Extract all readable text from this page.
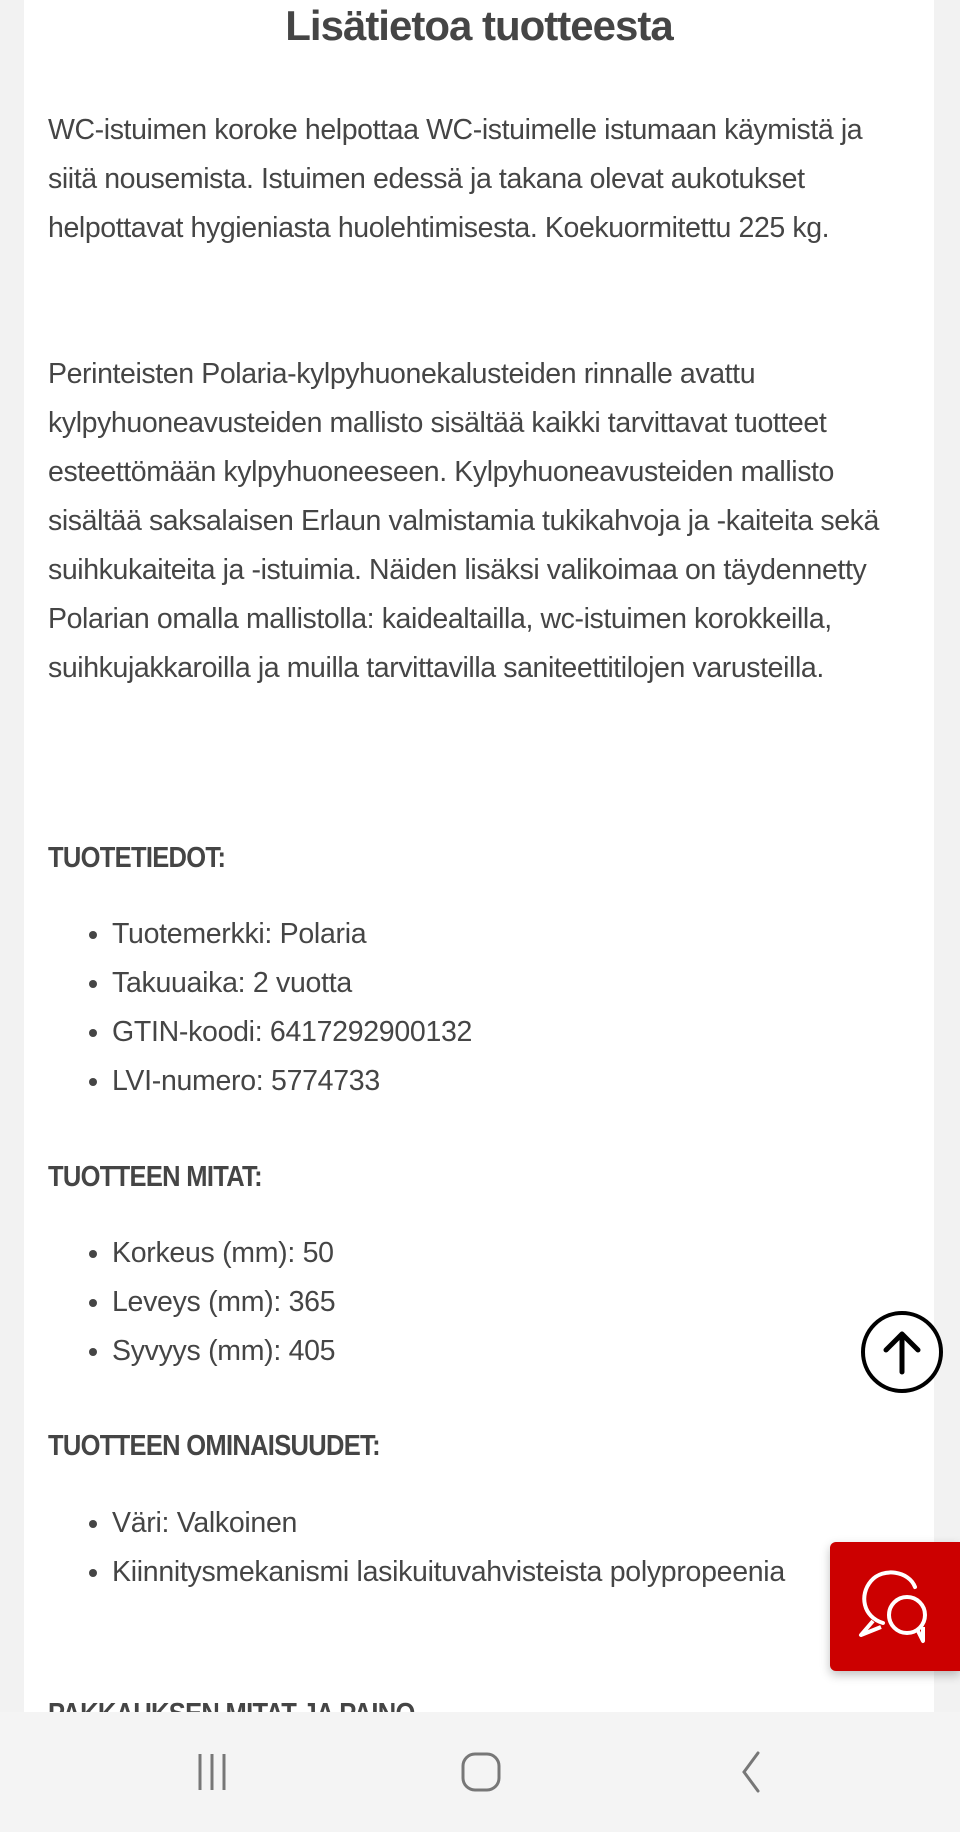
Lisätietoa tuotteesta

WC-istuimen koroke helpottaa WC-istuimelle istumaan käymistä ja siitä nousemista. Istuimen edessä ja takana olevat aukotukset helpottavat hygieniasta huolehtimisesta. Koekuormitettu 225 kg.

Perinteisten Polaria-kylpyhuonekalusteiden rinnalle avattu kylpyhuoneavusteiden mallisto sisältää kaikki tarvittavat tuotteet esteettömään kylpyhuoneeseen. Kylpyhuoneavusteiden mallisto sisältää saksalaisen Erlaun valmistamia tukikahvoja ja -kaiteita sekä suihkukaiteita ja -istuimia. Näiden lisäksi valikoimaa on täydennetty Polarian omalla mallistolla: kaidealtailla, wc-istuimen korokkeilla, suihkujakkaroilla ja muilla tarvittavilla saniteettitilojen varusteilla.

TUOTETIEDOT:
• Tuotemerkki: Polaria
• Takuuaika: 2 vuotta
• GTIN-koodi: 6417292900132
• LVI-numero: 5774733
TUOTTEEN MITAT:
• Korkeus (mm): 50
• Leveys (mm): 365
• Syvyys (mm): 405
TUOTTEEN OMINAISUUDET:
• Väri: Valkoinen
• Kiinnitysmekanismi lasikuituvahvisteista polypropeenia
